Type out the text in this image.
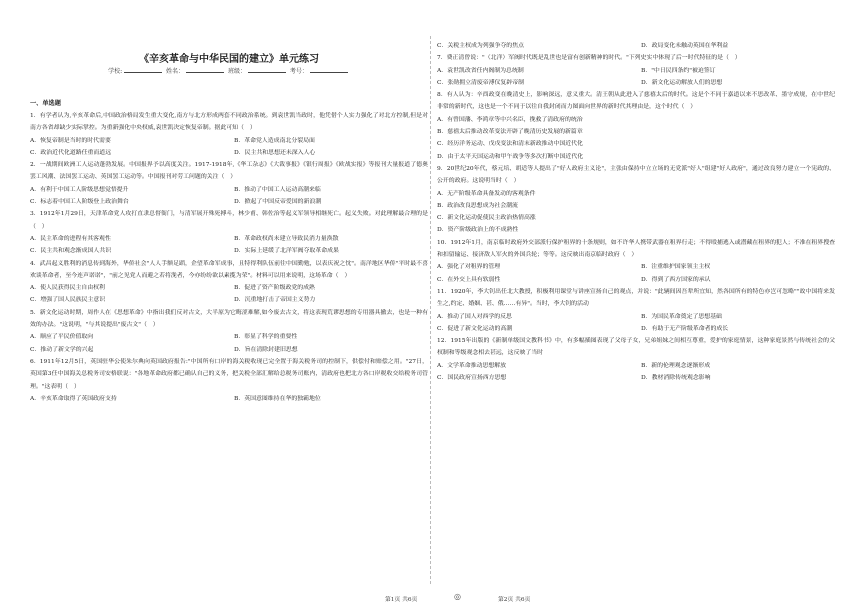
《辛亥革命与中华民国的建立》单元练习
学校:	姓名：	班级：	考号：
一、单选题

1．有学者认为,辛亥革命后,中国政治格局发生重大变化,南方与北方形成两套不同政治系统。到袁世凯当政时，他凭借个人实力强化了对北方控制,但是对南方各省却缺少实际掌控。为重新强化中央权威,袁世凯决定恢复帝制。据此可知（　）

A．恢复帝制是当时的时代需要	B．革命党人造成南北分裂局面
C．政治近代化道路任重而道远	D．民主共和思想还未深入人心

2．一战期间欧洲工人运动蓬勃发展。中国报界予以高度关注。1917-1918年,《华工杂志》《大裁事报》《银行周报》《欧战实报》等报刊大量报道了德奥罢工风潮、法国罢工运动、英国罢工运动等。中国报刊对劳工问题的关注（　）

A．有利于中国工人阶级思想觉悟提升	B．推动了中国工人运动高潮来临
C．标志着中国工人阶级登上政治舞台	D．掀起了中国反帝爱国的新浪潮

3．1912年1月29日，天津革命党人攻打直隶总督衙门，与清军展开殊死搏斗，林少甫、韩佐治等起义军领导相继死亡。起义失败。对此理解最合理的是（　）

A．民主革命的进程有其客观性	B．革命政权尚未建立导致民消力量涣散
C．民主共和观念渐成国人共识	D．实际上延缓了北洋军阀夺取革命成果

4．武昌起义胜利的消息传到海外，华侨社会"人人手额足蹈，企望革命军成事，且特得利队伍前往中国勤勉，以表庆祝之忱"。南洋地区华侨"平时最不喜欢谈革命者，至今连声诺诺"，"前之见党人而避之若将浼者，今亦纷纷欲以素揽为荣"。材料可以用来说明，这场革命（　）

A．使人民获得民主自由权利	B．促进了资产阶级政党的成熟
C．增强了国人民族民主意识	D．沉重地打击了帝国主义势力

5．新文化运动时期，周作人在《思想革命》中指出我们反对古文，大半原为它晦涩难解,如今废去古文，将这表现荒谬思想的专用器具撤去，也是一种有效的办法。"这说明，"与其说提出"废古文"（　）

A．顺应了平民价值取向	B．彰显了科学的重要性
C．推动了新文学的兴起	D．旨在清除封建旧思想

6．1911年12月5日，英国驻华公使朱尔典向英国政府报告:"中国所有口岸的海关税收现已完全置于海关税务司的控制下，供偿付和赔偿之用。"27日，英国第3任中国海关总税务司安格联说："各地革命政府都已确认自己的义务，把关税全部汇解给总税务司账内，清政府也把北方各口岸税收交给税务司管理。"这表明（　）

A．辛亥革命取得了英国政府支持	B．英国意图维持在华的独霸地位
C．关税主权成为列强争夺的焦点	D．政局变化未触动英国在华利益

7．费正清曾说："（北洋）军阀时代既是乱世也是富有创新精神的时代。"下列史实中体现了后一时代特征的是（　）

A．袁世凯改省任内阁制为总统制	B．"中日民四条约"被迫签订
C．张勋拥立清废帝溥仪复辟帝制	D．新文化运动解放人们的思想

8．有人认为：辛酉政变在晚清史上，影响深远，意义重大。清王朝从此进入了慈禧太后的时代。这是个不同于嘉道以来不思改革、墨守成规，在中世纪非常的新时代，这也是一个不同于以往自我封闭而力图面向世界的新时代其理由是，这个时代（　）

A．有曾国藩、李鸿章等中兴名臣，挽救了清政府的统治
B．慈禧太后推动改革变法开辟了晚清历史发展的新篇章
C．经历洋务运动、戊戌变法和清末新政推动中国近代化
D．由于太平天国运动和甲午战争等多次打断中国近代化

9．20世纪20年代，蔡元培、胡适等人提出了"好人政府主义论"，主张由保持中立立场的无党派"好人"组建"好人政府"，通过改良努力建立一个宪政的、公开的政府。这说明当时（　）

A．无产阶级革命具备发动的客观条件
B．政治改良思想成为社会潮流
C．新文化运动促使民主政治热情高涨
D．资产阶级政治上的不成熟性

10．1912年1月，南京临时政府外交部派行保护租界的十条规则，如不许华人携带武器在租界行走；不得殴捕逃入或潜藏在租界的犯人；不准在租界搜查和扣留输运、接济敌人军火的外国兵轮；等等。这反映出南京临时政府（　）

A．强化了对租界的管理	B．注重维护国家领主主权
C．在外交上具有软弱性	D．得到了西方国家的承认

11．1920年，李大钊出任北大教授，积极利用课堂与讲座宣扬自己的观点，并说："此辆间因吾辈所宜知，然各国所有的特色亦岂可忽略""故中国将来发生之,约定、婚姻、甚、俄……有异"。当时，李大钊的活动

A．推动了国人对西学的反思	B．为国民革命奠定了思想基础
C．促进了新文化运动的高潮	D．有助于无产阶级革命者的成长

12．1915年出版的《新制单级国文教科书》中，有多幅插图表现了父母子女，兄弟姐妹之间相互尊重，爱护的家庭情景，这种家庭景然与传统社会的父权制和等级观念相去甚远，这反映了当时

A．文学革命推动思想解放	B．新的伦理观念逐渐形成
C．国民政府宣扬西方思想	D．教材消除传统观念影响
第1页 共6页	◎	第2页 共6页
